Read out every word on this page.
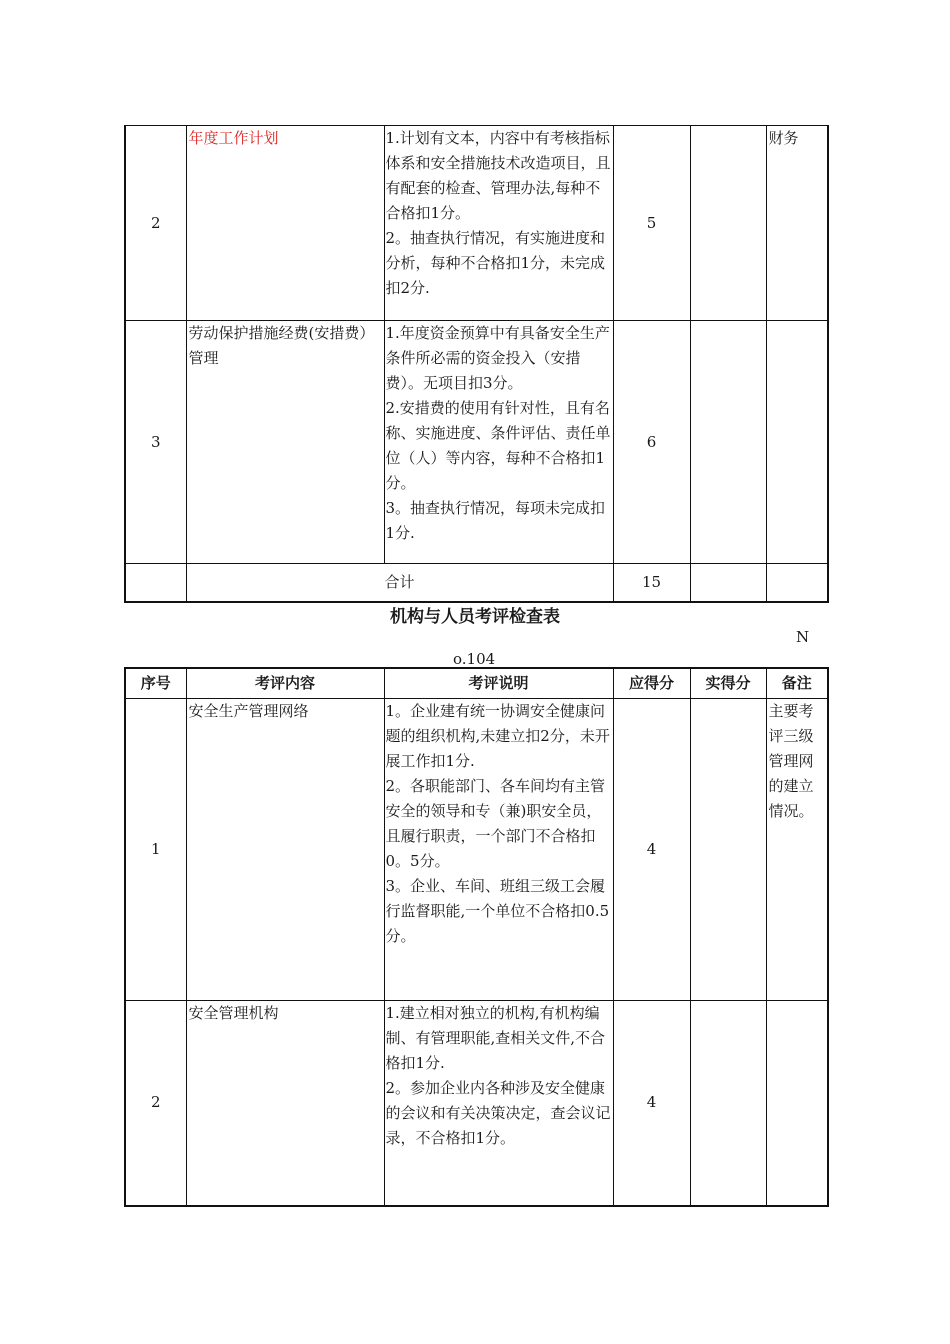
2	年度工作计划	1.计划有文本，内容中有考核指标体系和安全措施技术改造项目，且有配套的检查、管理办法,每种不合格扣1分。
2。抽查执行情况，有实施进度和分析，每种不合格扣1分，未完成扣2分.	5		财务
3	劳动保护措施经费(安措费）管理	1.年度资金预算中有具备安全生产条件所必需的资金投入（安措费）。无项目扣3分。
2.安措费的使用有针对性，且有名称、实施进度、条件评估、责任单位（人）等内容，每种不合格扣1分。
3。抽查执行情况，每项未完成扣1分.	6		
	合计		15		
机构与人员考评检查表
N
o.104
序号	考评内容	考评说明	应得分	实得分	备注
1	安全生产管理网络	1。企业建有统一协调安全健康问题的组织机构,未建立扣2分，未开展工作扣1分.
2。各职能部门、各车间均有主管安全的领导和专（兼)职安全员，且履行职责，一个部门不合格扣0。5分。
3。企业、车间、班组三级工会履行监督职能,一个单位不合格扣0.5分。	4		主要考评三级管理网的建立情况。
2	安全管理机构	1.建立相对独立的机构,有机构编制、有管理职能,查相关文件,不合格扣1分.
2。参加企业内各种涉及安全健康的会议和有关决策决定，查会议记录，不合格扣1分。	4		
